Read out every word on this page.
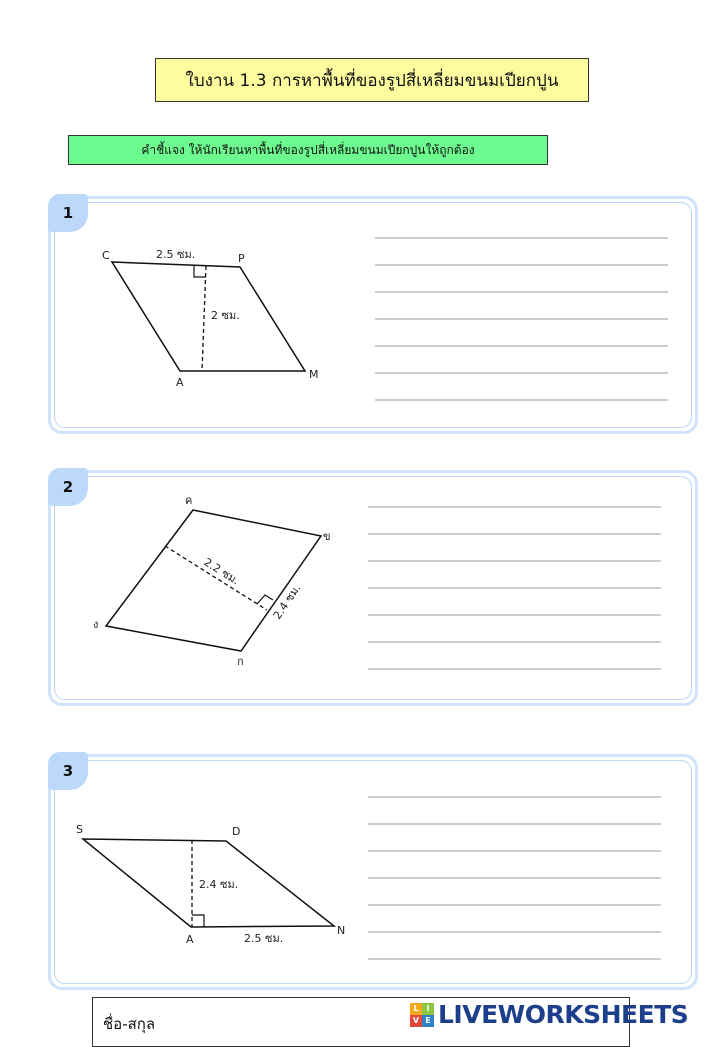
ใบงาน 1.3 การหาพื้นที่ของรูปสี่เหลี่ยมขนมเปียกปูน
คำชี้แจง ให้นักเรียนหาพื้นที่ของรูปสี่เหลี่ยมขนมเปียกปูนให้ถูกต้อง
1
C	P
M
A
2.5 ซม.
2 ซม.
2
ค
ข
ง
ก
2.2 ซม.
2.4 ซม.
3
S	D
N
A
2.4 ซม.
2.5 ซม.
ชื่อ-สกุล
L I
V E LIVEWORKSHEETS
